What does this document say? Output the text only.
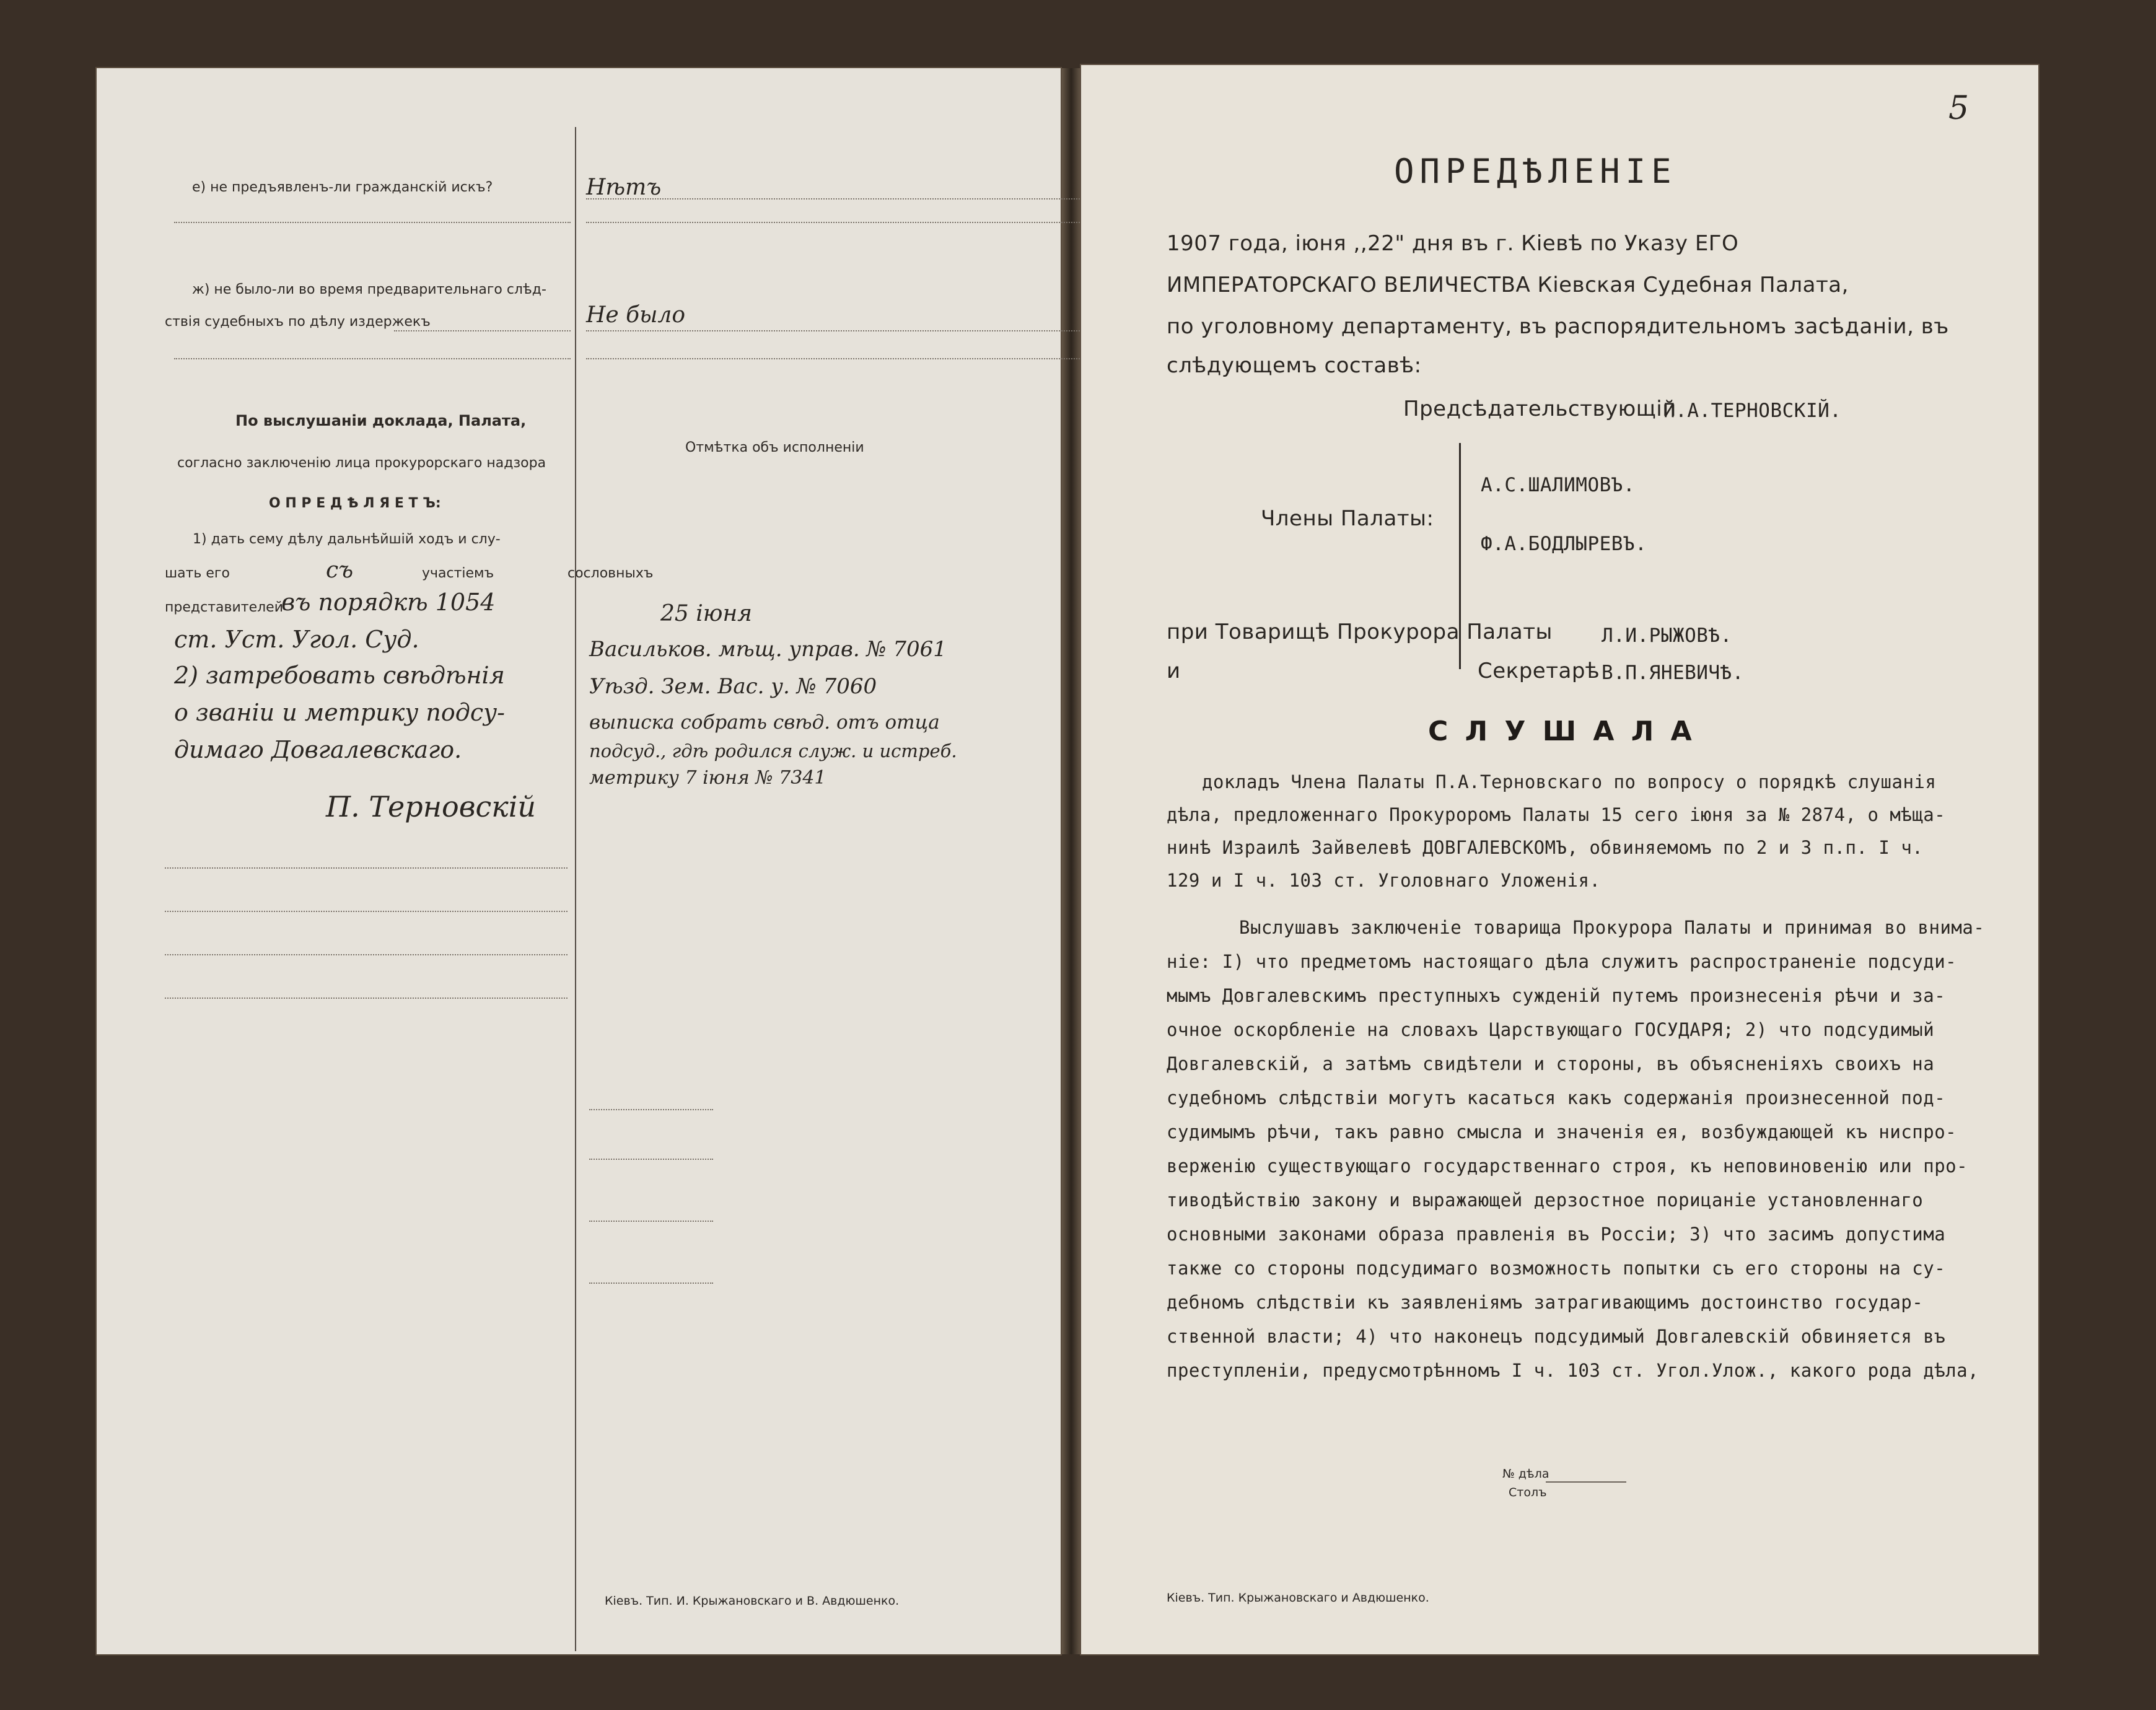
е) не предъявленъ-ли гражданскій искъ?	Нѣтъ
ж) не было-ли во время предварительнаго слѣд-
ствія судебныхъ по дѣлу издержекъ	Не было
По выслушаніи доклада, Палата,
согласно заключенію лица прокурорскаго надзора
О П Р Е Д Ѣ Л Я Е Т Ъ:
Отмѣтка объ исполненіи
1) дать сему дѣлу дальнѣйшій ходъ и слу-
шать его	съ	участіемъ	сословныхъ
представителей
въ порядкѣ 1054
ст. Уст. Угол. Суд.
2) затребовать свѣдѣнія
о званіи и метрику подсу-
димаго Довгалевскаго.
П. Терновскій
25 іюня
Васильков. мѣщ. управ. № 7061
Уѣзд. Зем. Вас. у. № 7060
выписка собрать свѣд. отъ отца
подсуд., гдѣ родился служ. и истреб.
метрику 7 іюня № 7341
Кіевъ. Тип. И. Крыжановскаго и В. Авдюшенко.
5
ОПРЕДѢЛЕНІЕ
1907 года, іюня ,,22" дня въ г. Кіевѣ по Указу ЕГО
ИМПЕРАТОРСКАГО ВЕЛИЧЕСТВА Кіевская Судебная Палата,
по уголовному департаменту, въ распорядительномъ засѣданіи, въ
слѣдующемъ составѣ:
Предсѣдательствующій
П.А.ТЕРНОВСКІЙ.
Члены Палаты:
А.С.ШАЛИМОВЪ.
Ф.А.БОДЛЫРЕВЪ.
при Товарищѣ Прокурора Палаты	Л.И.РЫЖОВѢ.
и	Секретарѣ В.П.ЯНЕВИЧѢ.
С Л У Ш А Л А
докладъ Члена Палаты П.А.Терновскаго по вопросу о порядкѣ слушанія
дѣла, предложеннаго Прокуроромъ Палаты 15 сего іюня за № 2874, о мѣща-
нинѣ Израилѣ Зайвелевѣ ДОВГАЛЕВСКОМЪ, обвиняемомъ по 2 и 3 п.п. I ч.
129 и I ч. 103 ст. Уголовнаго Уложенія.
Выслушавъ заключеніе товарища Прокурора Палаты и принимая во внима-
ніе: I) что предметомъ настоящаго дѣла служитъ распространеніе подсуди-
мымъ Довгалевскимъ преступныхъ сужденій путемъ произнесенія рѣчи и за-
очное оскорбленіе на словахъ Царствующаго ГОСУДАРЯ; 2) что подсудимый
Довгалевскій, а затѣмъ свидѣтели и стороны, въ объясненіяхъ своихъ на
судебномъ слѣдствіи могутъ касаться какъ содержанія произнесенной под-
судимымъ рѣчи, такъ равно смысла и значенія ея, возбуждающей къ ниспро-
верженію существующаго государственнаго строя, къ неповиновенію или про-
тиводѣйствію закону и выражающей дерзостное порицаніе установленнаго
основными законами образа правленія въ Россіи; 3) что засимъ допустима
также со стороны подсудимаго возможность попытки съ его стороны на су-
дебномъ слѣдствіи къ заявленіямъ затрагивающимъ достоинство государ-
ственной власти; 4) что наконецъ подсудимый Довгалевскій обвиняется въ
преступленіи, предусмотрѣнномъ I ч. 103 ст. Угол.Улож., какого рода дѣла,
№ дѣла
Столъ
Кіевъ. Тип. Крыжановскаго и Авдюшенко.
